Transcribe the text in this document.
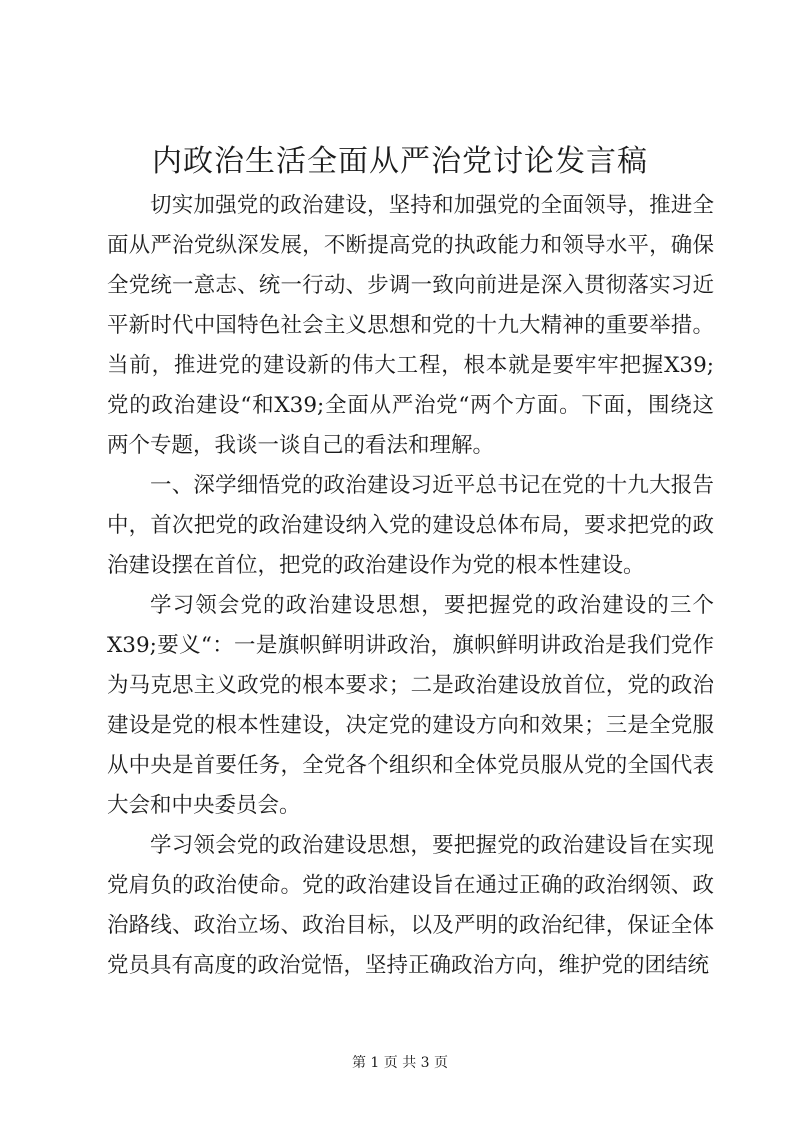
内政治生活全面从严治党讨论发言稿

切实加强党的政治建设，坚持和加强党的全面领导，推进全面从严治党纵深发展，不断提高党的执政能力和领导水平，确保全党统一意志、统一行动、步调一致向前进是深入贯彻落实习近平新时代中国特色社会主义思想和党的十九大精神的重要举措。当前，推进党的建设新的伟大工程，根本就是要牢牢把握X39;党的政治建设“和X39;全面从严治党“两个方面。下面，围绕这两个专题，我谈一谈自己的看法和理解。

一、深学细悟党的政治建设习近平总书记在党的十九大报告中，首次把党的政治建设纳入党的建设总体布局，要求把党的政治建设摆在首位，把党的政治建设作为党的根本性建设。

学习领会党的政治建设思想，要把握党的政治建设的三个X39;要义“：一是旗帜鲜明讲政治，旗帜鲜明讲政治是我们党作为马克思主义政党的根本要求；二是政治建设放首位，党的政治建设是党的根本性建设，决定党的建设方向和效果；三是全党服从中央是首要任务，全党各个组织和全体党员服从党的全国代表大会和中央委员会。

学习领会党的政治建设思想，要把握党的政治建设旨在实现党肩负的政治使命。党的政治建设旨在通过正确的政治纲领、政治路线、政治立场、政治目标，以及严明的政治纪律，保证全体党员具有高度的政治觉悟，坚持正确政治方向，维护党的团结统

第 1 页 共 3 页
